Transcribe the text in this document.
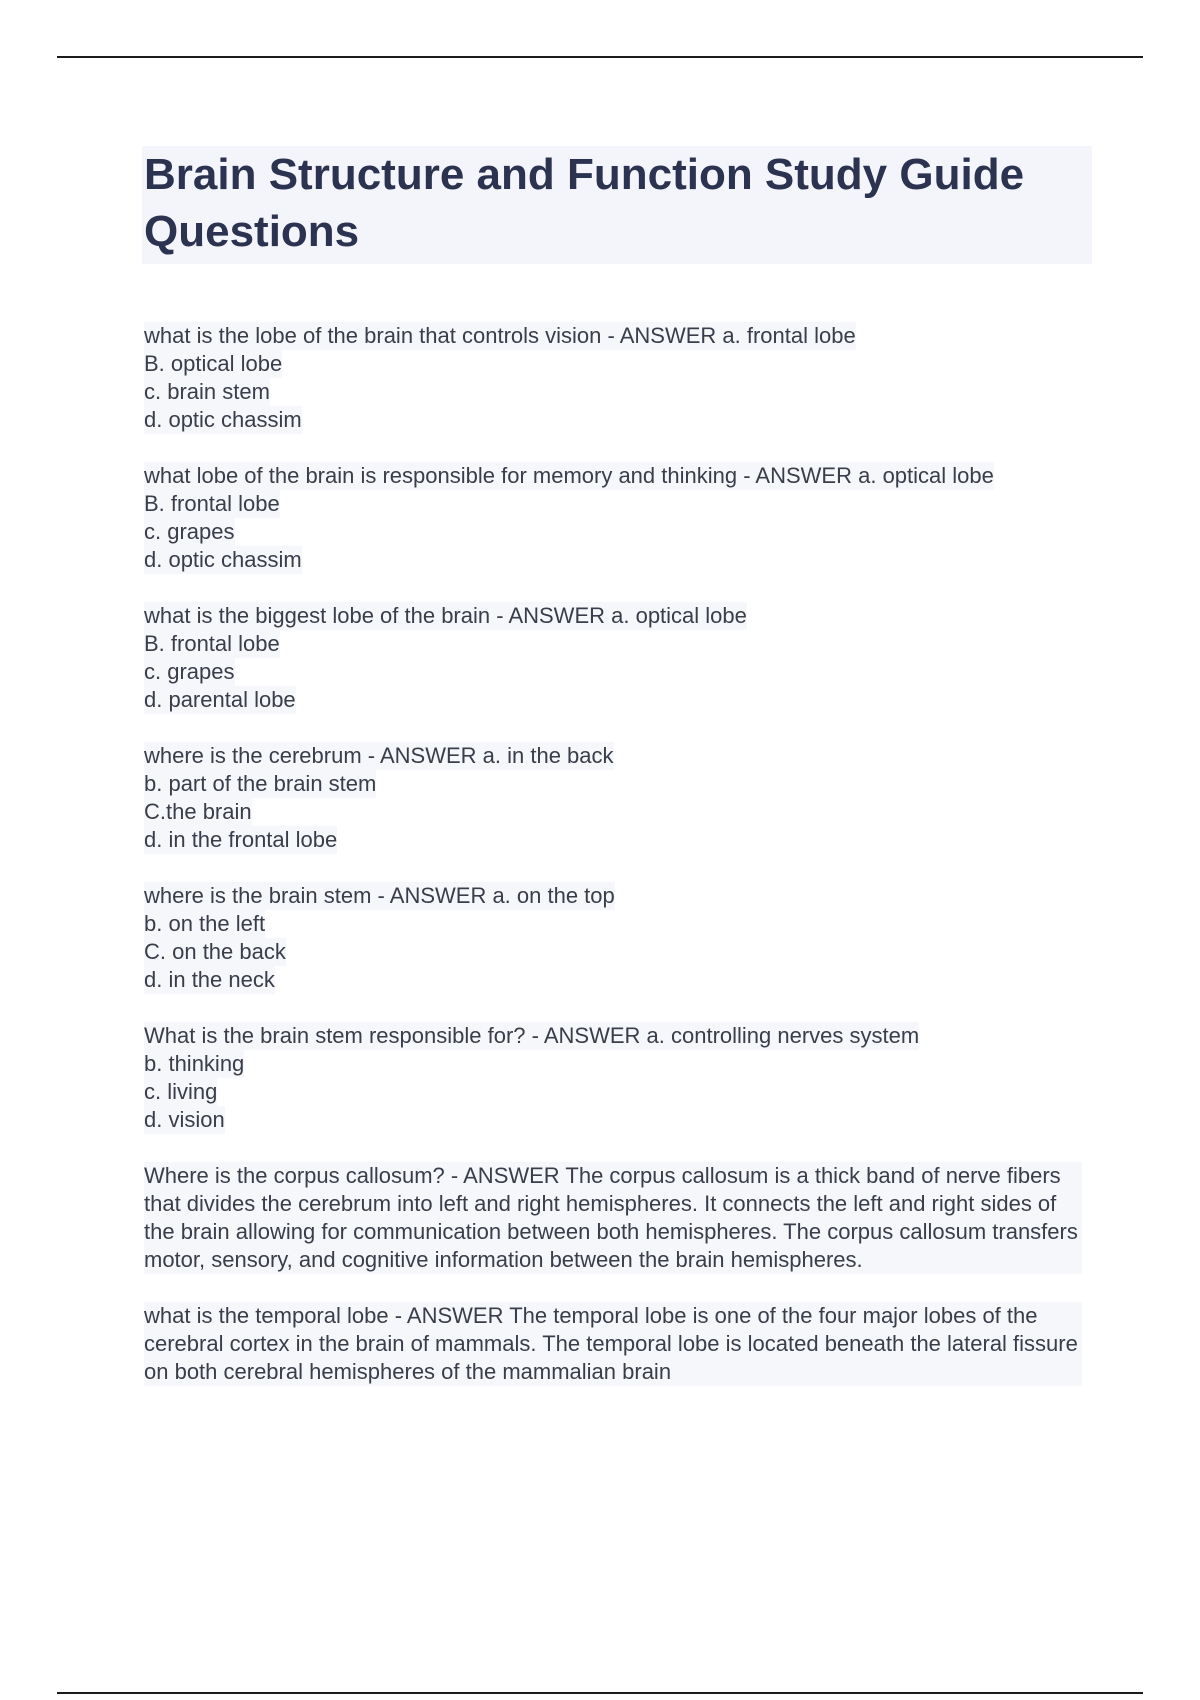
Brain Structure and Function Study Guide Questions
what is the lobe of the brain that controls vision - ANSWER a. frontal lobe
B. optical lobe
c. brain stem
d. optic chassim
what lobe of the brain is responsible for memory and thinking - ANSWER a. optical lobe
B. frontal lobe
c. grapes
d. optic chassim
what is the biggest lobe of the brain - ANSWER a. optical lobe
B. frontal lobe
c. grapes
d. parental lobe
where is the cerebrum - ANSWER a. in the back
b. part of the brain stem
C.the brain
d. in the frontal lobe
where is the brain stem - ANSWER a. on the top
b. on the left
C. on the back
d. in the neck
What is the brain stem responsible for? - ANSWER a. controlling nerves system
b. thinking
c. living
d. vision

Where is the corpus callosum? - ANSWER The corpus callosum is a thick band of nerve fibers that divides the cerebrum into left and right hemispheres. It connects the left and right sides of the brain allowing for communication between both hemispheres. The corpus callosum transfers motor, sensory, and cognitive information between the brain hemispheres.

what is the temporal lobe - ANSWER The temporal lobe is one of the four major lobes of the cerebral cortex in the brain of mammals. The temporal lobe is located beneath the lateral fissure on both cerebral hemispheres of the mammalian brain
